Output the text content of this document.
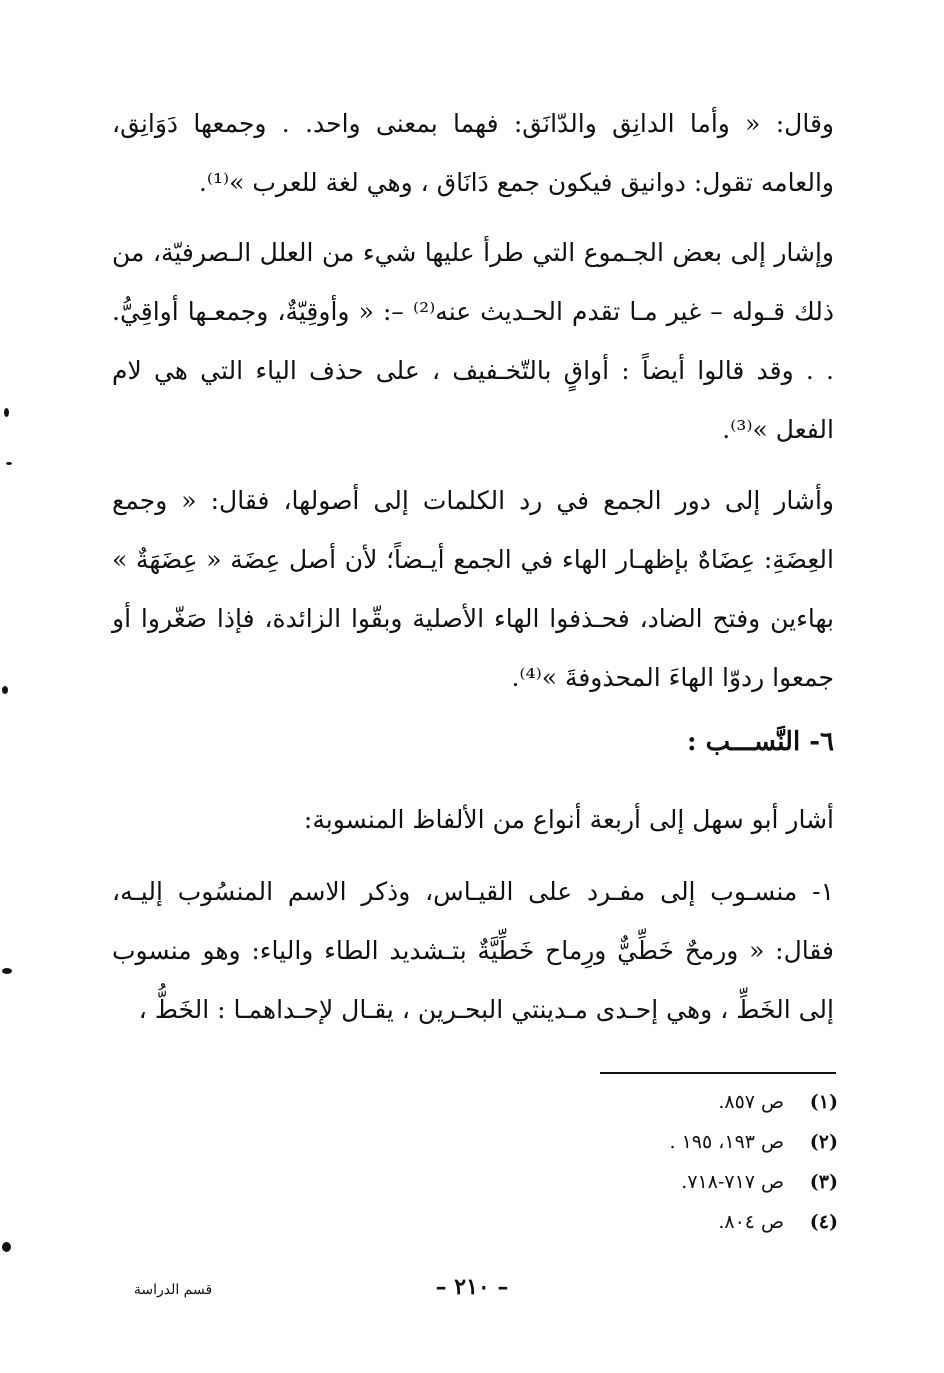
وقال: « وأما الدانِق والدّانَق: فهما بمعنى واحد. . وجمعها دَوَانِق، والعامه تقول: دوانيق فيكون جمع دَانَاق ، وهي لغة للعرب »⁽¹⁾.

وإشار إلى بعض الجـموع التي طرأ عليها شيء من العلل الـصرفيّة، من ذلك قـوله – غير مـا تقدم الحـديث عنه⁽²⁾ –: « وأوقِيّةٌ، وجمعـها أواقِيُّ. . . وقد قالوا أيضاً : أواقٍ بالتّخـفيف ، على حذف الياء التي هي لام الفعل »⁽³⁾.

وأشار إلى دور الجمع في رد الكلمات إلى أصولها، فقال: « وجمع العِضَةِ: عِضَاهٌ بإظهـار الهاء في الجمع أيـضاً؛ لأن أصل عِضَة « عِضَهَةٌ » بهاءين وفتح الضاد، فحـذفوا الهاء الأصلية وبقّوا الزائدة، فإذا صَغّروا أو جمعوا ردوّا الهاءَ المحذوفةَ »⁽⁴⁾.

٦- النَّســـب :

أشار أبو سهل إلى أربعة أنواع من الألفاظ المنسوبة:

١- منسـوب إلى مفـرد على القيـاس، وذكر الاسم المنسُوب إليـه، فقال: « ورمحٌ خَطِّيٌّ ورِماح خَطِّيَّةٌ بتـشديد الطاء والياء: وهو منسوب إلى الخَطِّ ، وهي إحـدى مـدينتي البحـرين ، يقـال لإحـداهمـا : الخَطُّ ،

(١)
ص ٨٥٧.
(٢)
ص ١٩٣، ١٩٥ .
(٣)
ص ٧١٧-٧١٨.
(٤)
ص ٨٠٤.
– ٢١٠ –
قسم الدراسة
